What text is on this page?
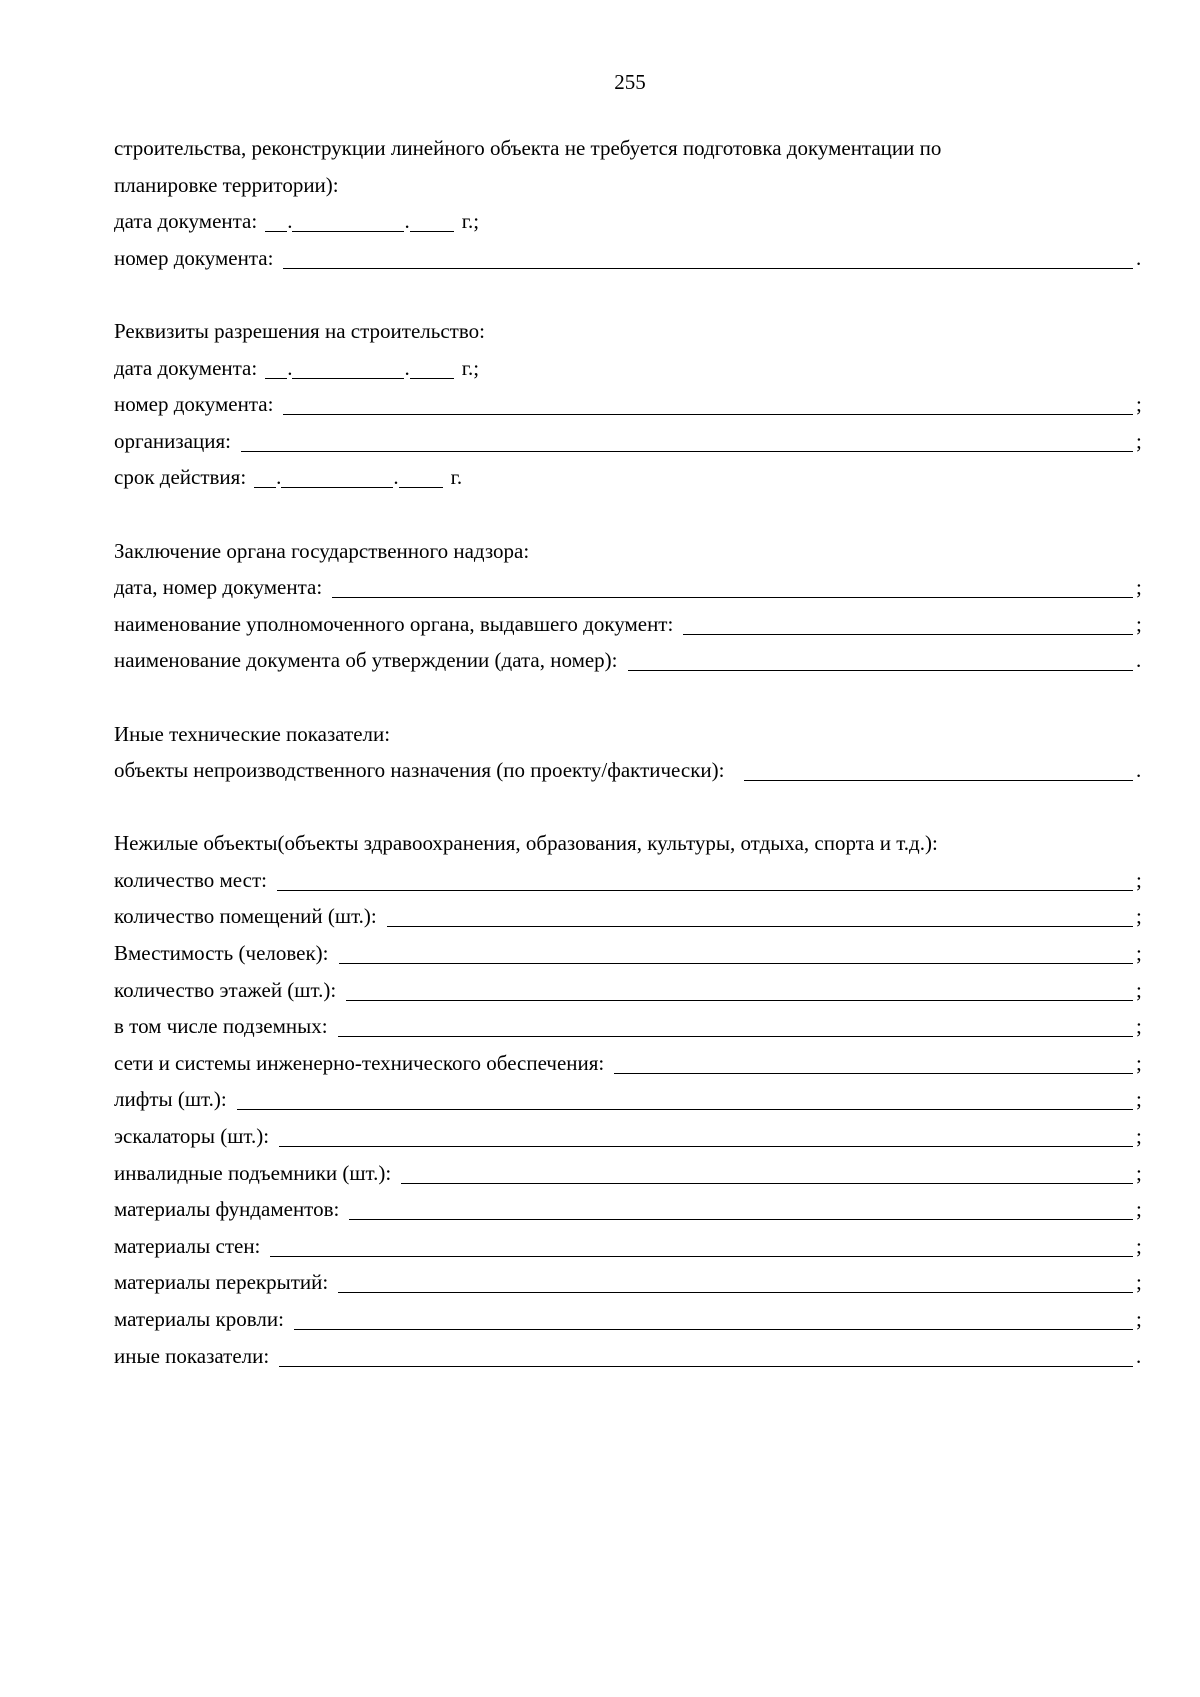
255
строительства, реконструкции линейного объекта не требуется подготовка документации по
планировке территории):
дата документа: .	. г.;
номер документа:	.
Реквизиты разрешения на строительство:
дата документа: .	. г.;
номер документа:	;
организация:	;
срок действия: .	. г.
Заключение органа государственного надзора:
дата, номер документа:	;
наименование уполномоченного органа, выдавшего документ:	;
наименование документа об утверждении (дата, номер):	.
Иные технические показатели:
объекты непроизводственного назначения (по проекту/фактически):	.
Нежилые объекты(объекты здравоохранения, образования, культуры, отдыха, спорта и т.д.):
количество мест:	;
количество помещений (шт.):	;
Вместимость (человек):	;
количество этажей (шт.):	;
в том числе подземных:	;
сети и системы инженерно-технического обеспечения:	;
лифты (шт.):	;
эскалаторы (шт.):	;
инвалидные подъемники (шт.):	;
материалы фундаментов:	;
материалы стен:	;
материалы перекрытий:	;
материалы кровли:	;
иные показатели:	.
